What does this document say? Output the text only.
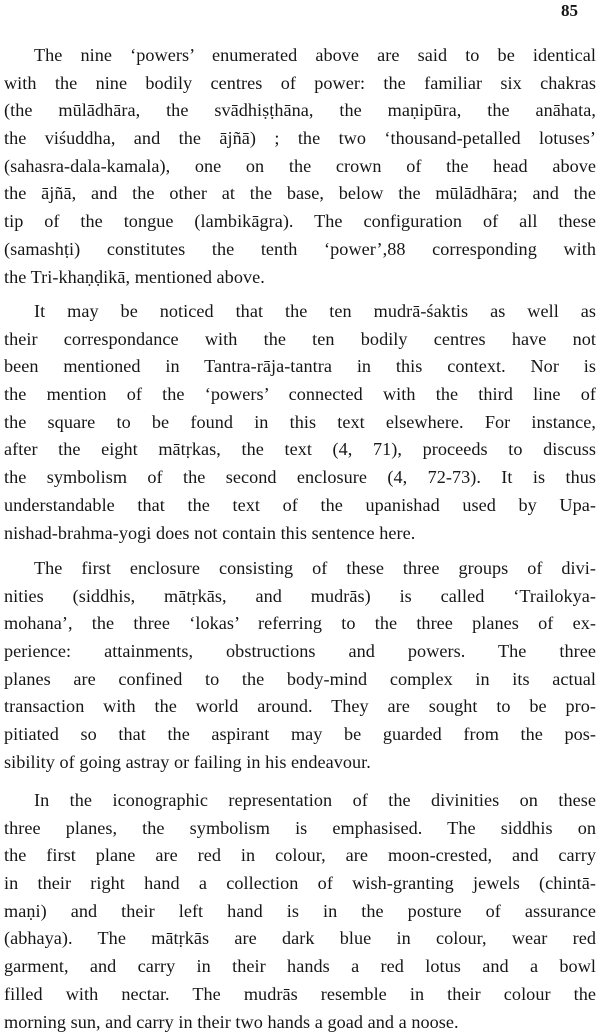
85
The nine ‘powers’ enumerated above are said to be identical
with the nine bodily centres of power: the familiar six chakras
(the mūlādhāra, the svādhiṣṭhāna, the maṇipūra, the anāhata,
the viśuddha, and the ājñā) ; the two ‘thousand-petalled lotuses’
(sahasra-dala-kamala), one on the crown of the head above
the ājñā, and the other at the base, below the mūlādhāra; and the
tip of the tongue (lambikāgra). The configuration of all these
(samashṭi) constitutes the tenth ‘power’,88 corresponding with
the Tri-khaṇḍikā, mentioned above.
It may be noticed that the ten mudrā-śaktis as well as
their correspondance with the ten bodily centres have not
been mentioned in Tantra-rāja-tantra in this context. Nor is
the mention of the ‘powers’ connected with the third line of
the square to be found in this text elsewhere. For instance,
after the eight mātṛkas, the text (4, 71), proceeds to discuss
the symbolism of the second enclosure (4, 72-73). It is thus
understandable that the text of the upanishad used by Upa-
nishad-brahma-yogi does not contain this sentence here.
The first enclosure consisting of these three groups of divi-
nities (siddhis, mātṛkās, and mudrās) is called ‘Trailokya-
mohana’, the three ‘lokas’ referring to the three planes of ex-
perience: attainments, obstructions and powers. The three
planes are confined to the body-mind complex in its actual
transaction with the world around. They are sought to be pro-
pitiated so that the aspirant may be guarded from the pos-
sibility of going astray or failing in his endeavour.
In the iconographic representation of the divinities on these
three planes, the symbolism is emphasised. The siddhis on
the first plane are red in colour, are moon-crested, and carry
in their right hand a collection of wish-granting jewels (chintā-
maṇi) and their left hand is in the posture of assurance
(abhaya). The mātṛkās are dark blue in colour, wear red
garment, and carry in their hands a red lotus and a bowl
filled with nectar. The mudrās resemble in their colour the
morning sun, and carry in their two hands a goad and a noose.
